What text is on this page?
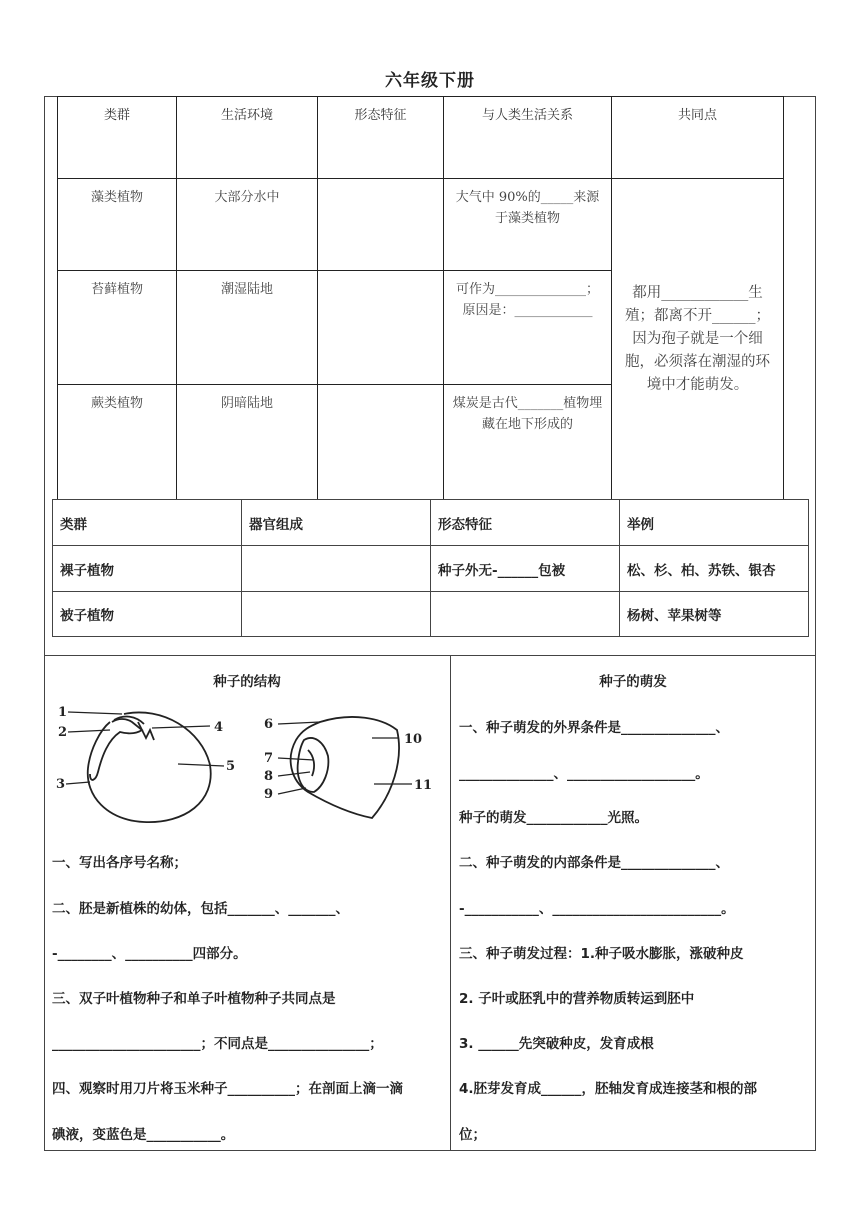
六年级下册
类群	生活环境	形态特征	与人类生活关系	共同点
藻类植物	大部分水中		大气中 90%的_____来源于藻类植物	都用____________生殖；都离不开______；因为孢子就是一个细胞，必须落在潮湿的环境中才能萌发。
苔藓植物	潮湿陆地		可作为______________；原因是：____________	
蕨类植物	阴暗陆地		煤炭是古代_______植物埋藏在地下形成的	
类群	器官组成	形态特征	举例
裸子植物		种子外无-______包被	松、杉、柏、苏铁、银杏
被子植物			杨树、苹果树等
种子的结构
1
2
3
4
5
6
7
8
9
10
11
一、写出各序号名称；
二、胚是新植株的幼体，包括_______、_______、
-________、__________四部分。
三、双子叶植物种子和单子叶植物种子共同点是
______________________；不同点是_______________；
四、观察时用刀片将玉米种子__________；在剖面上滴一滴
碘液，变蓝色是___________。
种子的萌发
一、种子萌发的外界条件是______________、
______________、___________________。
种子的萌发____________光照。
二、种子萌发的内部条件是______________、
-___________、_________________________。
三、种子萌发过程：1.种子吸水膨胀，涨破种皮
2. 子叶或胚乳中的营养物质转运到胚中
3. ______先突破种皮，发育成根
4.胚芽发育成______，胚轴发育成连接茎和根的部
位；
